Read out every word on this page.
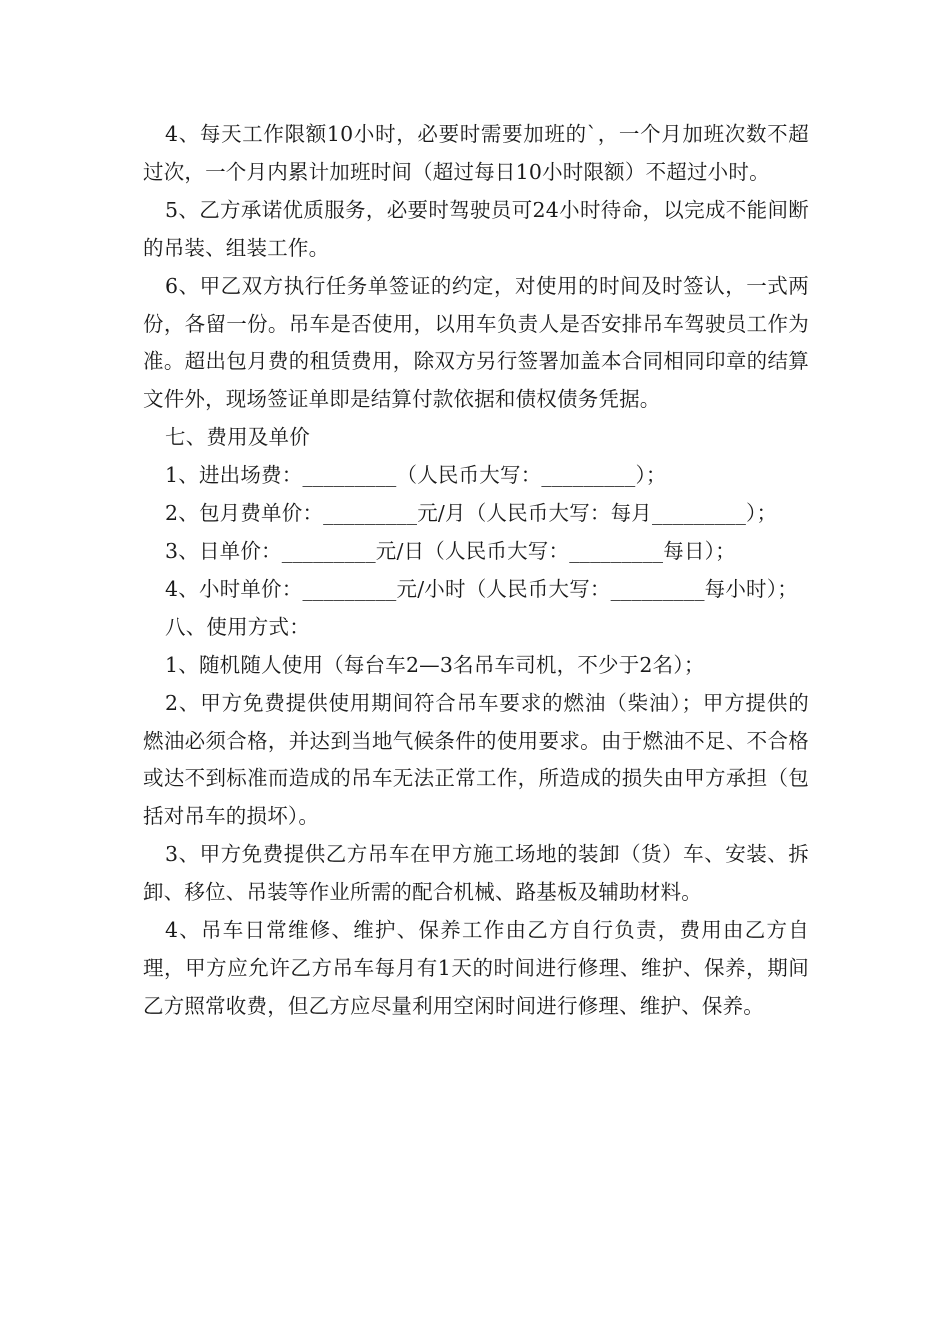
4、每天工作限额10小时，必要时需要加班的`，一个月加班次数不超过次，一个月内累计加班时间（超过每日10小时限额）不超过小时。

5、乙方承诺优质服务，必要时驾驶员可24小时待命，以完成不能间断的吊装、组装工作。

6、甲乙双方执行任务单签证的约定，对使用的时间及时签认，一式两份，各留一份。吊车是否使用，以用车负责人是否安排吊车驾驶员工作为准。超出包月费的租赁费用，除双方另行签署加盖本合同相同印章的结算文件外，现场签证单即是结算付款依据和债权债务凭据。

七、费用及单价

1、进出场费：_________（人民币大写：_________）；

2、包月费单价：_________元/月（人民币大写：每月_________）；

3、日单价：_________元/日（人民币大写：_________每日）；

4、小时单价：_________元/小时（人民币大写：_________每小时）；

八、使用方式：

1、随机随人使用（每台车2—3名吊车司机，不少于2名）；

2、甲方免费提供使用期间符合吊车要求的燃油（柴油）；甲方提供的燃油必须合格，并达到当地气候条件的使用要求。由于燃油不足、不合格或达不到标准而造成的吊车无法正常工作，所造成的损失由甲方承担（包括对吊车的损坏）。

3、甲方免费提供乙方吊车在甲方施工场地的装卸（货）车、安装、拆卸、移位、吊装等作业所需的配合机械、路基板及辅助材料。

4、吊车日常维修、维护、保养工作由乙方自行负责，费用由乙方自理，甲方应允许乙方吊车每月有1天的时间进行修理、维护、保养，期间乙方照常收费，但乙方应尽量利用空闲时间进行修理、维护、保养。
